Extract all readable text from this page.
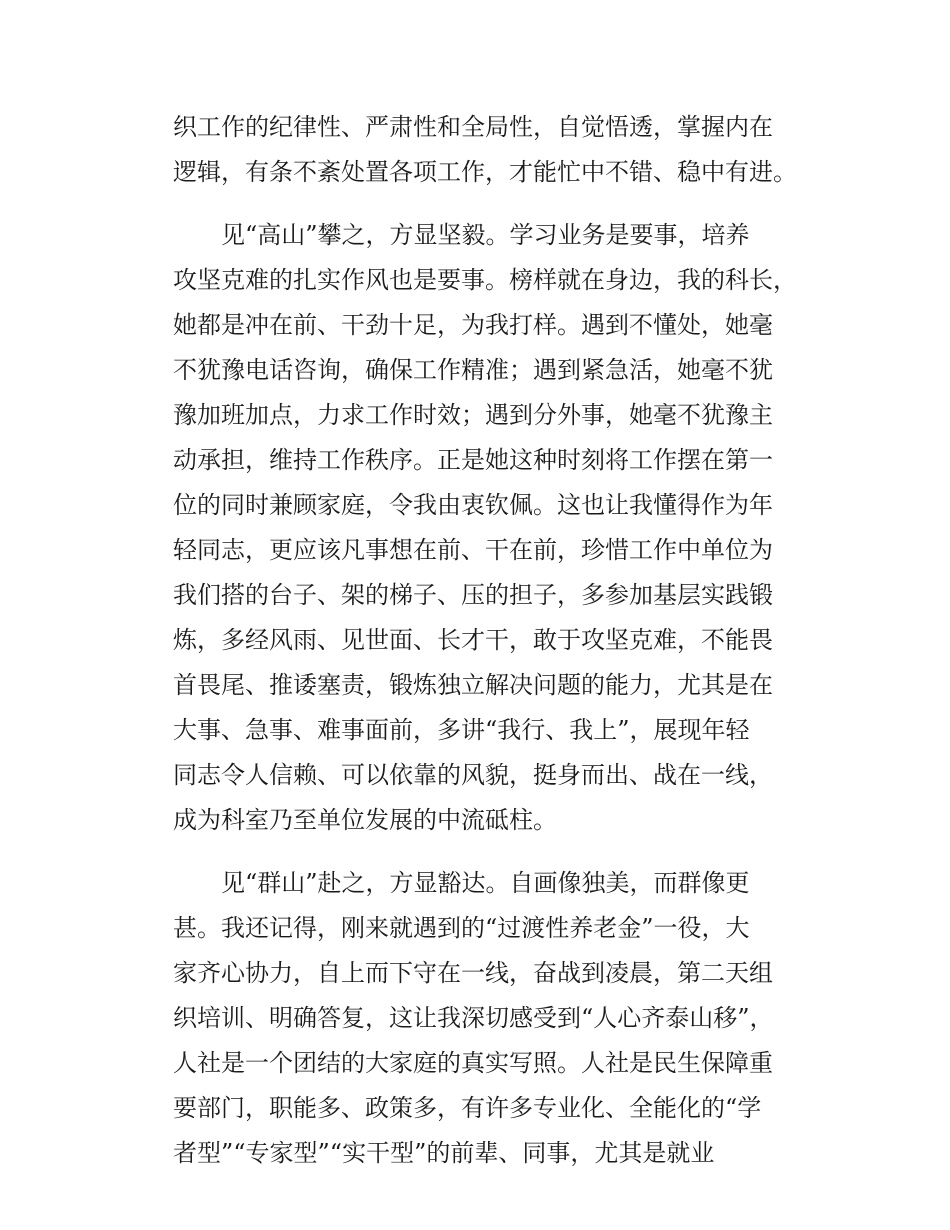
织工作的纪律性、严肃性和全局性，自觉悟透，掌握内在
逻辑，有条不紊处置各项工作，才能忙中不错、稳中有进。
见“高山”攀之，方显坚毅。学习业务是要事，培养
攻坚克难的扎实作风也是要事。榜样就在身边，我的科长，
她都是冲在前、干劲十足，为我打样。遇到不懂处，她毫
不犹豫电话咨询，确保工作精准；遇到紧急活，她毫不犹
豫加班加点，力求工作时效；遇到分外事，她毫不犹豫主
动承担，维持工作秩序。正是她这种时刻将工作摆在第一
位的同时兼顾家庭，令我由衷钦佩。这也让我懂得作为年
轻同志，更应该凡事想在前、干在前，珍惜工作中单位为
我们搭的台子、架的梯子、压的担子，多参加基层实践锻
炼，多经风雨、见世面、长才干，敢于攻坚克难，不能畏
首畏尾、推诿塞责，锻炼独立解决问题的能力，尤其是在
大事、急事、难事面前，多讲“我行、我上”，展现年轻
同志令人信赖、可以依靠的风貌，挺身而出、战在一线，
成为科室乃至单位发展的中流砥柱。
见“群山”赴之，方显豁达。自画像独美，而群像更
甚。我还记得，刚来就遇到的“过渡性养老金”一役，大
家齐心协力，自上而下守在一线，奋战到凌晨，第二天组
织培训、明确答复，这让我深切感受到“人心齐泰山移”，
人社是一个团结的大家庭的真实写照。人社是民生保障重
要部门，职能多、政策多，有许多专业化、全能化的“学
者型”“专家型”“实干型”的前辈、同事，尤其是就业
